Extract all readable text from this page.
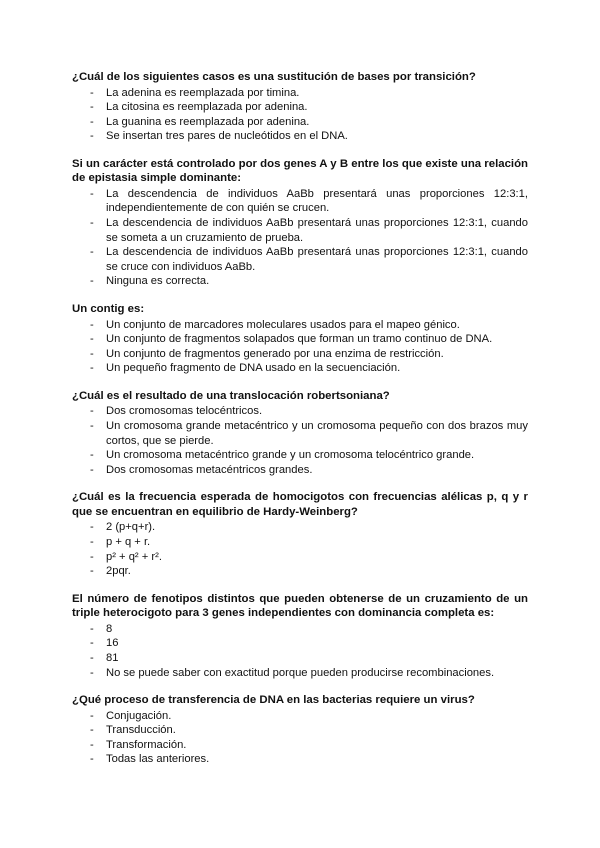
¿Cuál de los siguientes casos es una sustitución de bases por transición?

- La adenina es reemplazada por timina.
- La citosina es reemplazada por adenina.
- La guanina es reemplazada por adenina.
- Se insertan tres pares de nucleótidos en el DNA.

Si un carácter está controlado por dos genes A y B entre los que existe una relación de epistasia simple dominante:

- La descendencia de individuos AaBb presentará unas proporciones 12:3:1, independientemente de con quién se crucen.
- La descendencia de individuos AaBb presentará unas proporciones 12:3:1, cuando se someta a un cruzamiento de prueba.
- La descendencia de individuos AaBb presentará unas proporciones 12:3:1, cuando se cruce con individuos AaBb.
- Ninguna es correcta.

Un contig es:

- Un conjunto de marcadores moleculares usados para el mapeo génico.
- Un conjunto de fragmentos solapados que forman un tramo continuo de DNA.
- Un conjunto de fragmentos generado por una enzima de restricción.
- Un pequeño fragmento de DNA usado en la secuenciación.

¿Cuál es el resultado de una translocación robertsoniana?

- Dos cromosomas telocéntricos.
- Un cromosoma grande metacéntrico y un cromosoma pequeño con dos brazos muy cortos, que se pierde.
- Un cromosoma metacéntrico grande y un cromosoma telocéntrico grande.
- Dos cromosomas metacéntricos grandes.

¿Cuál es la frecuencia esperada de homocigotos con frecuencias alélicas p, q y r que se encuentran en equilibrio de Hardy-Weinberg?

- 2 (p+q+r).
- p + q + r.
- p² + q² + r².
- 2pqr.

El número de fenotipos distintos que pueden obtenerse de un cruzamiento de un triple heterocigoto para 3 genes independientes con dominancia completa es:

- 8
- 16
- 81
- No se puede saber con exactitud porque pueden producirse recombinaciones.

¿Qué proceso de transferencia de DNA en las bacterias requiere un virus?

- Conjugación.
- Transducción.
- Transformación.
- Todas las anteriores.
